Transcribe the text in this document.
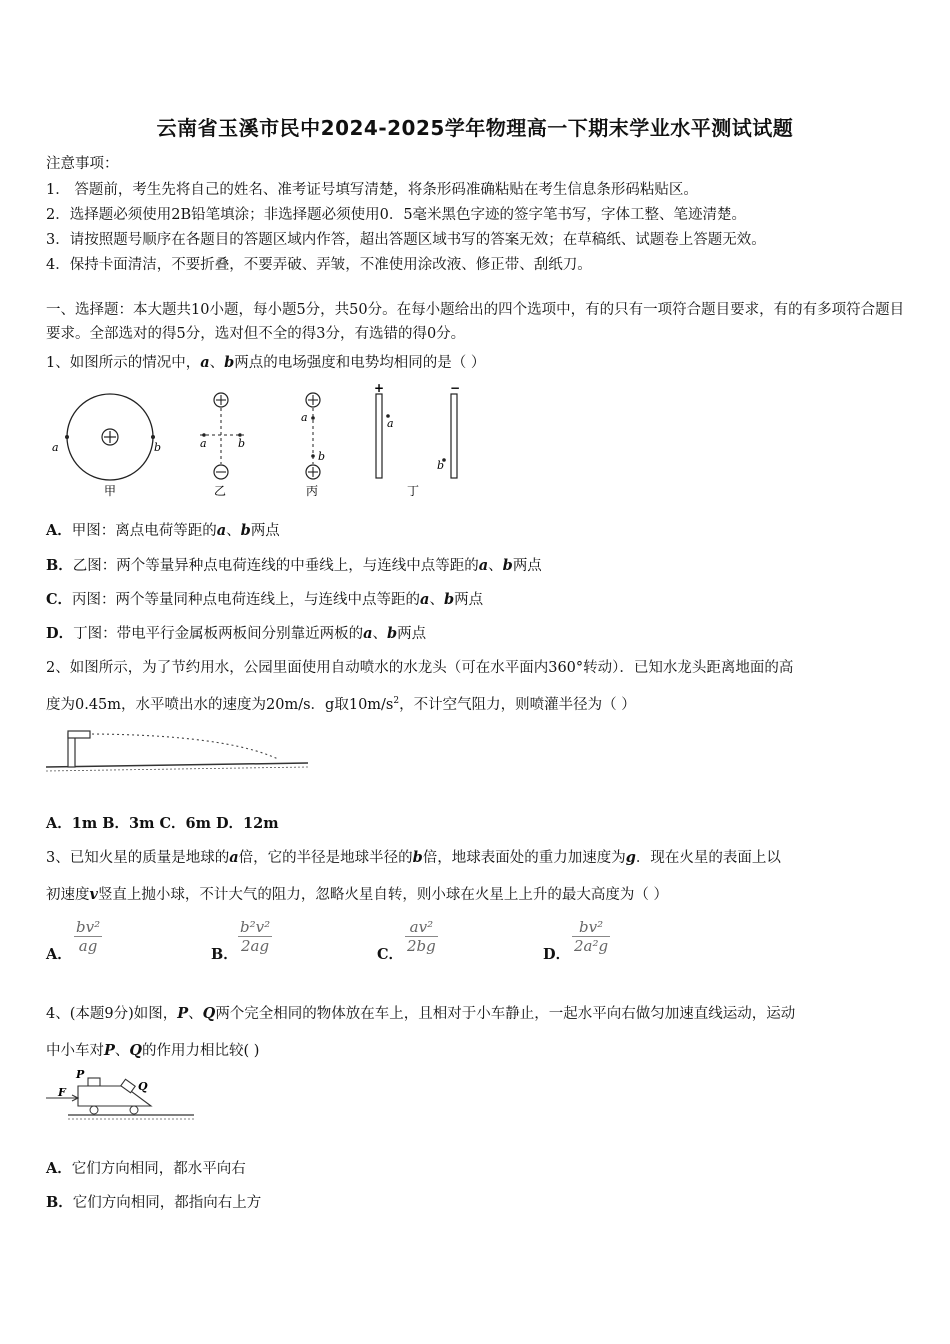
云南省玉溪市民中2024-2025学年物理高一下期末学业水平测试试题
注意事项：
1． 答题前，考生先将自己的姓名、准考证号填写清楚，将条形码准确粘贴在考生信息条形码粘贴区。
2．选择题必须使用2B铅笔填涂；非选择题必须使用0．5毫米黑色字迹的签字笔书写，字体工整、笔迹清楚。
3．请按照题号顺序在各题目的答题区域内作答，超出答题区域书写的答案无效；在草稿纸、试题卷上答题无效。
4．保持卡面清洁，不要折叠，不要弄破、弄皱，不准使用涂改液、修正带、刮纸刀。
一、选择题：本大题共10小题，每小题5分，共50分。在每小题给出的四个选项中，有的只有一项符合题目要求，有的有多项符合题目要求。全部选对的得5分，选对但不全的得3分，有选错的得0分。
1、如图所示的情况中，a、b两点的电场强度和电势均相同的是（ ）
a	b
甲
a	b
乙
a
b
丙
+	−
a
b
丁
A．甲图：离点电荷等距的a、b两点
B．乙图：两个等量异种点电荷连线的中垂线上，与连线中点等距的a、b两点
C．丙图：两个等量同种点电荷连线上，与连线中点等距的a、b两点
D．丁图：带电平行金属板两板间分别靠近两板的a、b两点
2、如图所示，为了节约用水，公园里面使用自动喷水的水龙头（可在水平面内360°转动）．已知水龙头距离地面的高
度为0.45m，水平喷出水的速度为20m/s．g取$10m/s^2$，不计空气阻力，则喷灌半径为（ ）
A．1m B．3m C．6m D．12m
3、已知火星的质量是地球的a倍，它的半径是地球半径的b倍，地球表面处的重力加速度为g．现在火星的表面上以
初速度v竖直上抛小球，不计大气的阻力，忽略火星自转，则小球在火星上上升的最大高度为（ ）
A． $\frac{\text{bv²}}{ag}$	B． $\frac{\text{b²v²}}{2ag}$	C． $\frac{\text{av²}}{2bg}$	D． $\frac{\text{bv²}}{\text{2a²g}}$
4、(本题9分)如图，P、Q两个完全相同的物体放在车上，且相对于小车静止，一起水平向右做匀加速直线运动，运动
中小车对P、Q的作用力相比较( )
P
Q
F
A．它们方向相同，都水平向右
B．它们方向相同，都指向右上方
